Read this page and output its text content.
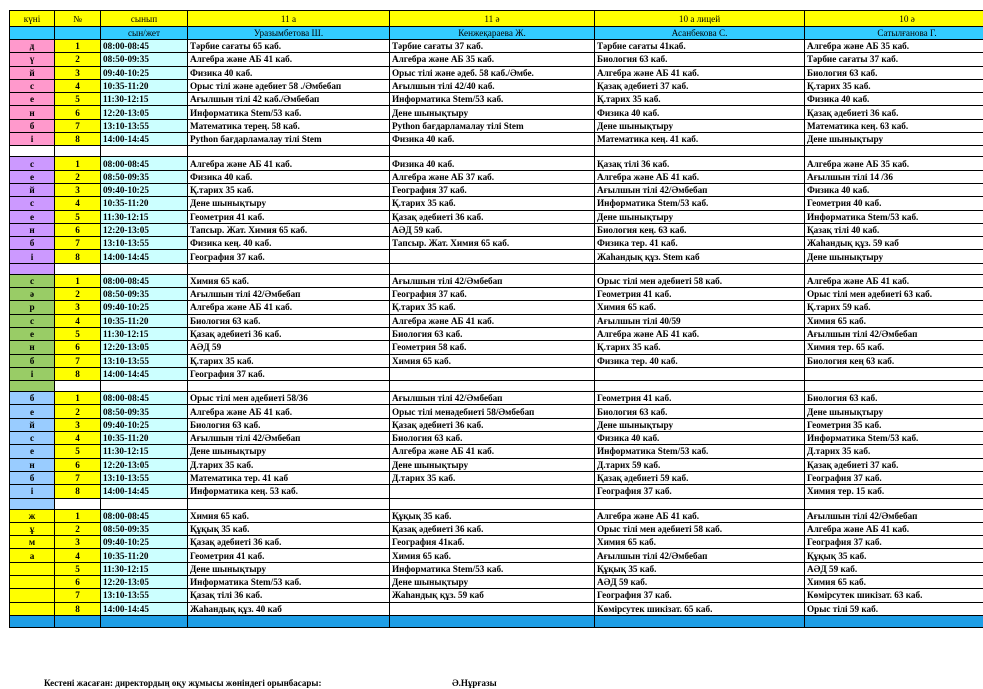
күні	№	сынып	11 а	11 ә	10 а лицей	10 ә
		сын/жет	Уразымбетова Ш.	Кенжеқараева Ж.	Асанбекова С.	Сатылғанова Г.
д	1	08:00-08:45	Тәрбие сағаты 65 каб.	Тәрбие сағаты 37 каб.	Тәрбие сағаты 41каб.	Алгебра және АБ 35 каб.
ү	2	08:50-09:35	Алгебра және АБ 41 каб.	Алгебра және АБ 35 каб.	Биология 63 каб.	Тәрбие сағаты 37 каб.
й	3	09:40-10:25	Физика 40 каб.	Орыс тілі және әдеб. 58 каб./Әмбе.	Алгебра және АБ 41 каб.	Биология 63 каб.
с	4	10:35-11:20	Орыс тілі және әдебиет 58 ./Әмбебап	Ағылшын тілі 42/40 каб.	Қазақ әдебиеті 37 каб.	Қ.тарих 35 каб.
е	5	11:30-12:15	Ағылшын тілі 42 каб./Әмбебап	Информатика Stem/53 каб.	Қ.тарих 35 каб.	Физика 40 каб.
н	6	12:20-13:05	Информатика Stem/53 каб.	Дене шынықтыру	Физика 40 каб.	Қазақ әдебиеті 36 каб.
б	7	13:10-13:55	Математика терең. 58 каб.	Python бағдарламалау тілі Stem	Дене шынықтыру	Математика кең. 63 каб.
і	8	14:00-14:45	Python бағдарламалау тілі Stem	Физика 40 каб.	Математика кең. 41 каб.	Дене шынықтыру

с	1	08:00-08:45	Алгебра және АБ 41 каб.	Физика 40 каб.	Қазақ тілі 36 каб.	Алгебра және АБ 35 каб.
е	2	08:50-09:35	Физика 40 каб.	Алгебра және АБ 37 каб.	Алгебра және АБ 41 каб.	Ағылшын тілі 14 /36
й	3	09:40-10:25	Қ.тарих 35 каб.	География 37 каб.	Ағылшын тілі 42/Әмбебап	Физика 40 каб.
с	4	10:35-11:20	Дене шынықтыру	Қ.тарих 35 каб.	Информатика Stem/53 каб.	Геометрия 40 каб.
е	5	11:30-12:15	Геометрия 41 каб.	Қазақ әдебиеті 36 каб.	Дене шынықтыру	Информатика Stem/53 каб.
н	6	12:20-13:05	Тапсыр. Жат. Химия 65 каб.	АӘД 59 каб.	Биология кең. 63 каб.	Қазақ тілі 40 каб.
б	7	13:10-13:55	Физика кең. 40 каб.	Тапсыр. Жат. Химия 65 каб.	Физика тер. 41 каб.	Жаһандық құз. 59 каб
і	8	14:00-14:45	География 37 каб.		Жаһандық құз. Stem каб	Дене шынықтыру

с	1	08:00-08:45	Химия 65 каб.	Ағылшын тілі 42/Әмбебап	Орыс тілі мен әдебиеті 58 каб.	Алгебра және АБ 41 каб.
ә	2	08:50-09:35	Ағылшын тілі 42/Әмбебап	География 37 каб.	Геометрия 41 каб.	Орыс тілі мен әдебиеті 63 каб.
р	3	09:40-10:25	Алгебра және АБ 41 каб.	Қ.тарих 35 каб.	Химия 65 каб.	Қ.тарих 59 каб.
с	4	10:35-11:20	Биология 63 каб.	Алгебра және АБ 41 каб.	Ағылшын тілі 40/59	Химия 65 каб.
е	5	11:30-12:15	Қазақ әдебиеті 36 каб.	Биология 63 каб.	Алгебра және АБ 41 каб.	Ағылшын тілі 42/Әмбебап
н	6	12:20-13:05	АӘД 59	Геометрия 58 каб.	Қ.тарих 35 каб.	Химия тер. 65 каб.
б	7	13:10-13:55	Қ.тарих 35 каб.	Химия 65 каб.	Физика тер. 40 каб.	Биология кең 63 каб.
і	8	14:00-14:45	География 37 каб.			

б	1	08:00-08:45	Орыс тілі мен әдебиеті 58/36	Ағылшын тілі 42/Әмбебап	Геометрия 41 каб.	Биология 63 каб.
е	2	08:50-09:35	Алгебра және АБ 41 каб.	Орыс тілі менәдебиеті 58/Әмбебап	Биология 63 каб.	Дене шынықтыру
й	3	09:40-10:25	Биология 63 каб.	Қазақ әдебиеті 36 каб.	Дене шынықтыру	Геометрия 35 каб.
с	4	10:35-11:20	Ағылшын тілі 42/Әмбебап	Биология 63 каб.	Физика 40 каб.	Информатика Stem/53 каб.
е	5	11:30-12:15	Дене шынықтыру	Алгебра және АБ 41 каб.	Информатика Stem/53 каб.	Д.тарих 35 каб.
н	6	12:20-13:05	Д.тарих 35 каб.	Дене шынықтыру	Д.тарих 59 каб.	Қазақ әдебиеті 37 каб.
б	7	13:10-13:55	Математика тер. 41 каб	Д.тарих 35 каб.	Қазақ әдебиеті 59 каб.	География 37 каб.
і	8	14:00-14:45	Информатика кең. 53 каб.		География 37 каб.	Химия тер. 15 каб.

ж	1	08:00-08:45	Химия 65 каб.	Құқық 35 каб.	Алгебра және АБ 41 каб.	Ағылшын тілі 42/Әмбебап
ұ	2	08:50-09:35	Құқық 35 каб.	Қазақ әдебиеті 36 каб.	Орыс тілі мен әдебиеті 58 каб.	Алгебра және АБ 41 каб.
м	3	09:40-10:25	Қазақ әдебиеті 36 каб.	География 41каб.	Химия 65 каб.	География 37 каб.
а	4	10:35-11:20	Геометрия 41 каб.	Химия 65 каб.	Ағылшын тілі 42/Әмбебап	Құқық 35 каб.
	5	11:30-12:15	Дене шынықтыру	Информатика Stem/53 каб.	Құқық 35 каб.	АӘД 59 каб.
	6	12:20-13:05	Информатика Stem/53 каб.	Дене шынықтыру	АӘД 59 каб.	Химия 65 каб.
	7	13:10-13:55	Қазақ тілі 36 каб.	Жаһандық құз. 59 каб	География 37 каб.	Көмірсутек шикізат. 63 каб.
	8	14:00-14:45	Жаһандық құз. 40 каб		Көмірсутек шикізат. 65 каб.	Орыс тілі 59 каб.

Кестені жасаған: директордың оқу жұмысы жөніндегі орынбасары:	Ә.Нұрғазы
